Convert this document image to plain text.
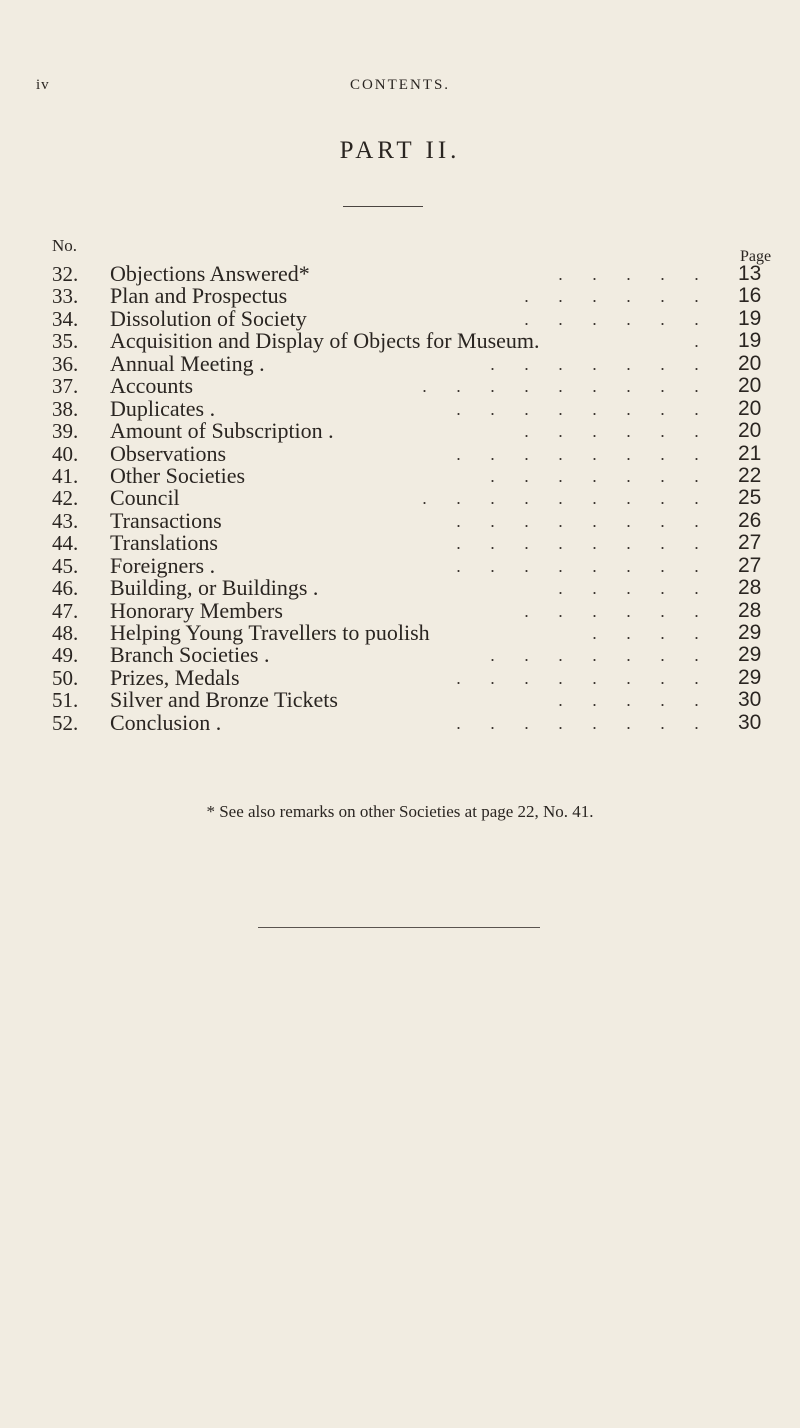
iv	CONTENTS.
PART II.
No.
Page
32.	Objections Answered*	..... 13
33.	Plan and Prospectus	...... 16
34.	Dissolution of Society	...... 19
35.	Acquisition and Display of Objects for Museum.	. 19
36.	Annual Meeting .	....... 20
37.	Accounts	......... 20
38.	Duplicates .	........ 20
39.	Amount of Subscription .	...... 20
40.	Observations	........ 21
41.	Other Societies	....... 22
42.	Council	......... 25
43.	Transactions	........ 26
44.	Translations	........ 27
45.	Foreigners .	........ 27
46.	Building, or Buildings .	..... 28
47.	Honorary Members	...... 28
48.	Helping Young Travellers to puolish	.... 29
49.	Branch Societies .	....... 29
50.	Prizes, Medals	........ 29
51.	Silver and Bronze Tickets	..... 30
52.	Conclusion .	........ 30
* See also remarks on other Societies at page 22, No. 41.
